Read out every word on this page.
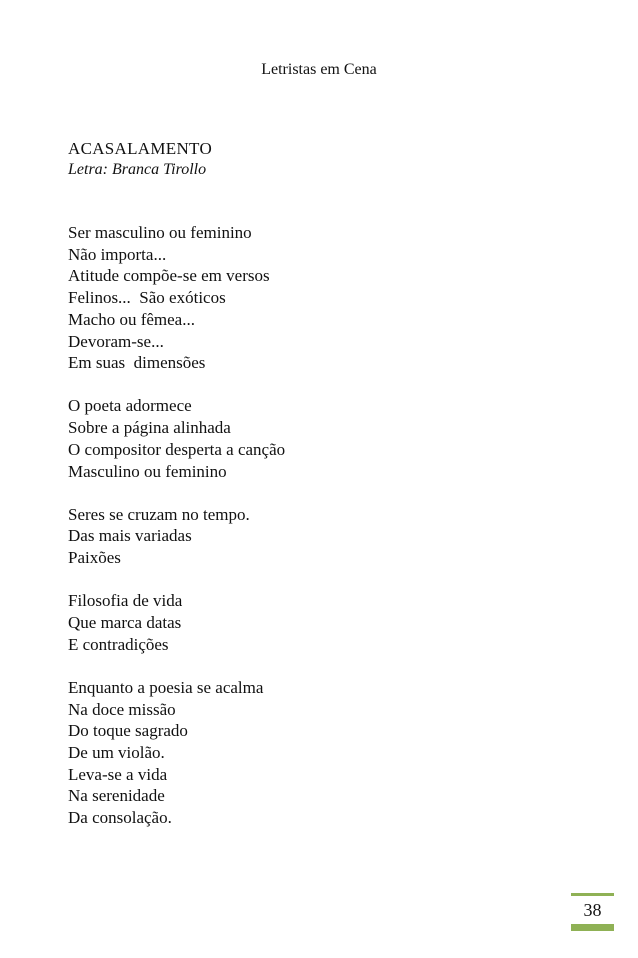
Letristas em Cena
ACASALAMENTO
Letra: Branca Tirollo
Ser masculino ou feminino
Não importa...
Atitude compõe-se em versos
Felinos...  São exóticos
Macho ou fêmea...
Devoram-se...
Em suas  dimensões
O poeta adormece
Sobre a página alinhada
O compositor desperta a canção
Masculino ou feminino
Seres se cruzam no tempo.
Das mais variadas
Paixões
Filosofia de vida
Que marca datas
E contradições
Enquanto a poesia se acalma
Na doce missão
Do toque sagrado
De um violão.
Leva-se a vida
Na serenidade
Da consolação.
38
